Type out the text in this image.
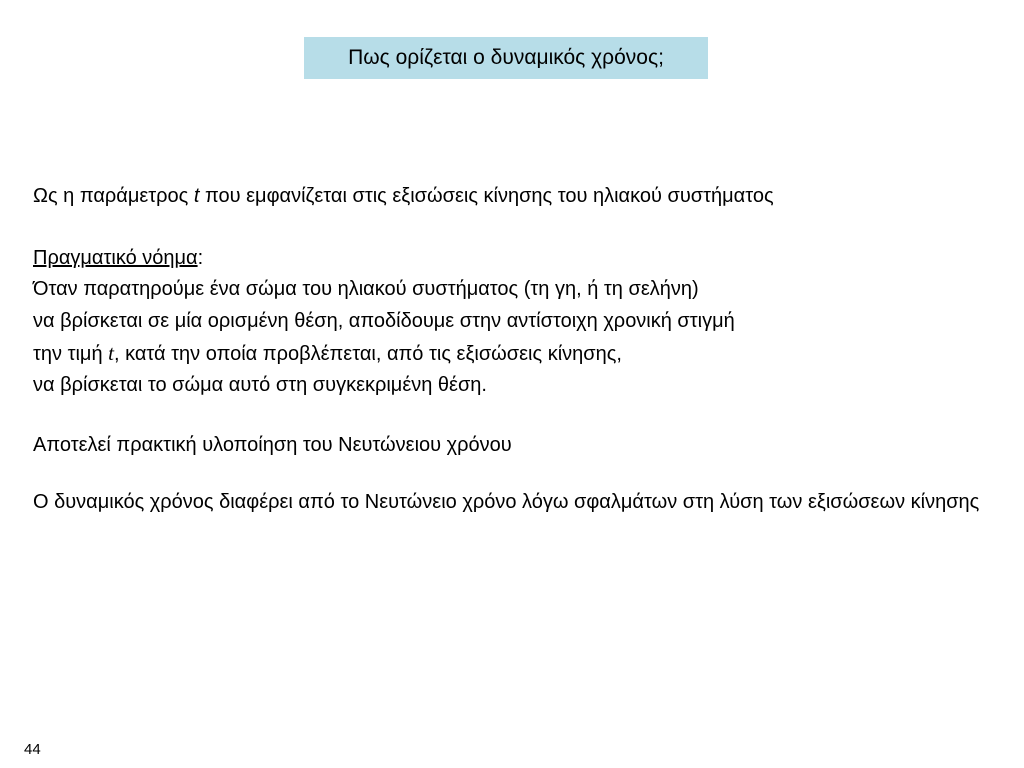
Πως ορίζεται ο δυναμικός χρόνος;
Ως η παράμετρος t που εμφανίζεται στις εξισώσεις κίνησης του ηλιακού συστήματος
Πραγματικό νόημα:
Όταν παρατηρούμε ένα σώμα του ηλιακού συστήματος (τη γη, ή τη σελήνη)
να βρίσκεται σε μία ορισμένη θέση, αποδίδουμε στην αντίστοιχη χρονική στιγμή
την τιμή t, κατά την οποία προβλέπεται, από τις εξισώσεις κίνησης,
να βρίσκεται το σώμα αυτό στη συγκεκριμένη θέση.
Αποτελεί πρακτική υλοποίηση του Νευτώνειου χρόνου
Ο δυναμικός χρόνος διαφέρει από το Νευτώνειο χρόνο λόγω σφαλμάτων στη λύση των εξισώσεων κίνησης
44
